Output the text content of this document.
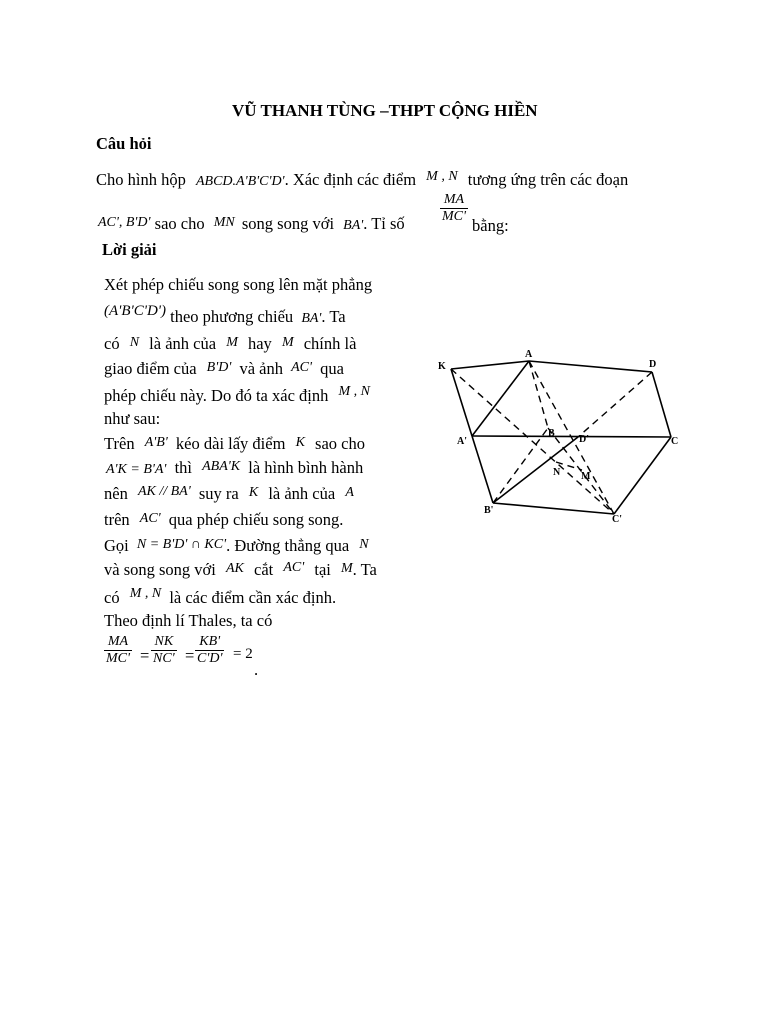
VŨ THANH TÙNG –THPT CỘNG HIỀN
Câu hỏi
Cho hình hộp ABCD.A'B'C'D'. Xác định các điểm $^{M , N}$ tương ứng trên các đoạn
AC', B'D' sao cho MN song song với BA'. Tỉ số	$\frac{MA}{MC'}$
bằng:
Lời giải
Xét phép chiếu song song lên mặt phẳng
(A'B'C'D') theo phương chiếu $_{BA'}$. Ta
có N là ảnh của M hay M chính là
giao điểm của B'D' và ảnh AC' qua
phép chiếu này. Do đó ta xác định $^{M , N}$
như sau:
Trên A'B' kéo dài lấy điểm K sao cho
A'K = B'A' thì ABA'K là hình bình hành
nên $^{AK // BA'}$ suy ra K là ảnh của A
trên AC' qua phép chiếu song song.
Gọi N = B'D' ∩ KC'. Đường thẳng qua N
và song song với AK cắt $^{AC'}$ tại M. Ta
có $^{M , N}$ là các điểm cần xác định.
Theo định lí Thales, ta có
$\frac{MA}{MC'} = \frac{NK}{NC'} = \frac{KB'}{C'D'} = 2$
.
K
A
D
A'
B
D'	C
N M
B'
C'
